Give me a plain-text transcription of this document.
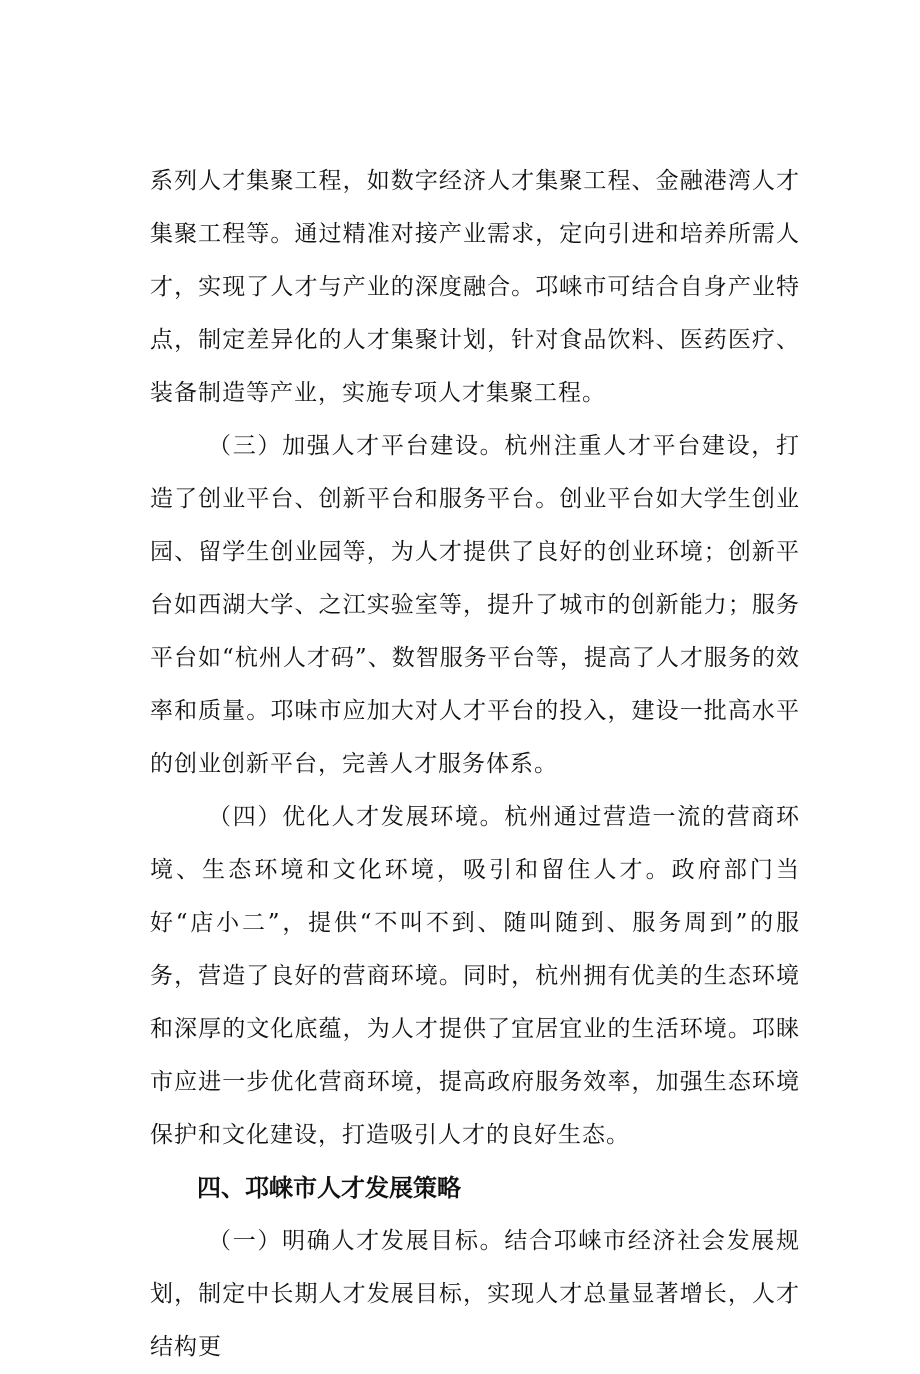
系列人才集聚工程，如数字经济人才集聚工程、金融港湾人才集聚工程等。通过精准对接产业需求，定向引进和培养所需人才，实现了人才与产业的深度融合。邛崃市可结合自身产业特点，制定差异化的人才集聚计划，针对食品饮料、医药医疗、装备制造等产业，实施专项人才集聚工程。

（三）加强人才平台建设。杭州注重人才平台建设，打造了创业平台、创新平台和服务平台。创业平台如大学生创业园、留学生创业园等，为人才提供了良好的创业环境；创新平台如西湖大学、之江实验室等，提升了城市的创新能力；服务平台如“杭州人才码”、数智服务平台等，提高了人才服务的效率和质量。邛味市应加大对人才平台的投入，建设一批高水平的创业创新平台，完善人才服务体系。

（四）优化人才发展环境。杭州通过营造一流的营商环境、生态环境和文化环境，吸引和留住人才。政府部门当好“店小二”，提供“不叫不到、随叫随到、服务周到”的服务，营造了良好的营商环境。同时，杭州拥有优美的生态环境和深厚的文化底蕴，为人才提供了宜居宜业的生活环境。邛睐市应进一步优化营商环境，提高政府服务效率，加强生态环境保护和文化建设，打造吸引人才的良好生态。

四、邛崃市人才发展策略

（一）明确人才发展目标。结合邛崃市经济社会发展规划，制定中长期人才发展目标，实现人才总量显著增长，人才结构更
